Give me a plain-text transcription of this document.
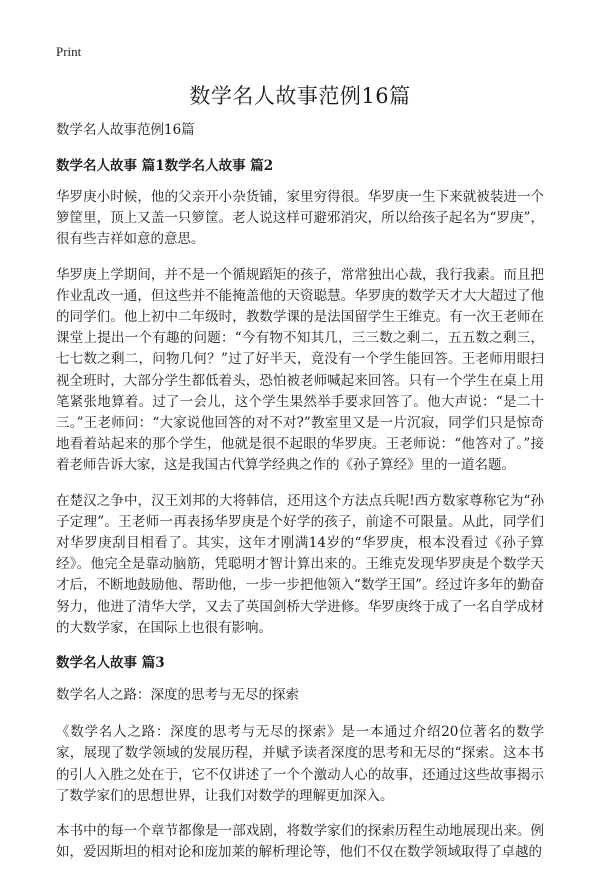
Print
数学名人故事范例16篇

数学名人故事范例16篇

数学名人故事 篇1数学名人故事 篇2

华罗庚小时候，他的父亲开小杂货铺，家里穷得很。华罗庚一生下来就被装进一个箩筐里，顶上又盖一只箩筐。老人说这样可避邪消灾，所以给孩子起名为“罗庚”，很有些吉祥如意的意思。

华罗庚上学期间，并不是一个循规蹈矩的孩子，常常独出心裁，我行我素。而且把作业乱改一通，但这些并不能掩盖他的天资聪慧。华罗庚的数学天才大大超过了他的同学们。他上初中二年级时，教数学课的是法国留学生王维克。有一次王老师在课堂上提出一个有趣的问题：“今有物不知其几，三三数之剩二，五五数之剩三，七七数之剩二，问物几何？”过了好半天，竟没有一个学生能回答。王老师用眼扫视全班时，大部分学生都低着头，恐怕被老师喊起来回答。只有一个学生在桌上用笔紧张地算着。过了一会儿，这个学生果然举手要求回答了。他大声说：“是二十三。”王老师问：“大家说他回答的对不对?”教室里又是一片沉寂，同学们只是惊奇地看着站起来的那个学生，他就是很不起眼的华罗庚。王老师说：“他答对了。”接着老师告诉大家，这是我国古代算学经典之作的《孙子算经》里的一道名题。

在楚汉之争中，汉王刘邦的大将韩信，还用这个方法点兵呢!西方数家尊称它为“孙子定理”。王老师一再表扬华罗庚是个好学的孩子，前途不可限量。从此，同学们对华罗庚刮目相看了。其实，这年才刚满14岁的“华罗庚，根本没看过《孙子算经》。他完全是靠动脑筋，凭聪明才智计算出来的。王维克发现华罗庚是个数学天才后，不断地鼓励他、帮助他，一步一步把他领入“数学王国”。经过许多年的勤奋努力，他进了清华大学，又去了英国剑桥大学进修。华罗庚终于成了一名自学成材的大数学家，在国际上也很有影响。

数学名人故事 篇3

数学名人之路：深度的思考与无尽的探索

《数学名人之路：深度的思考与无尽的探索》是一本通过介绍20位著名的数学家，展现了数学领域的发展历程，并赋予读者深度的思考和无尽的“探索。这本书的引人入胜之处在于，它不仅讲述了一个个激动人心的故事，还通过这些故事揭示了数学家们的思想世界，让我们对数学的理解更加深入。

本书中的每一个章节都像是一部戏剧，将数学家们的探索历程生动地展现出来。例如，爱因斯坦的相对论和庞加莱的解析理论等，他们不仅在数学领域取得了卓越的
